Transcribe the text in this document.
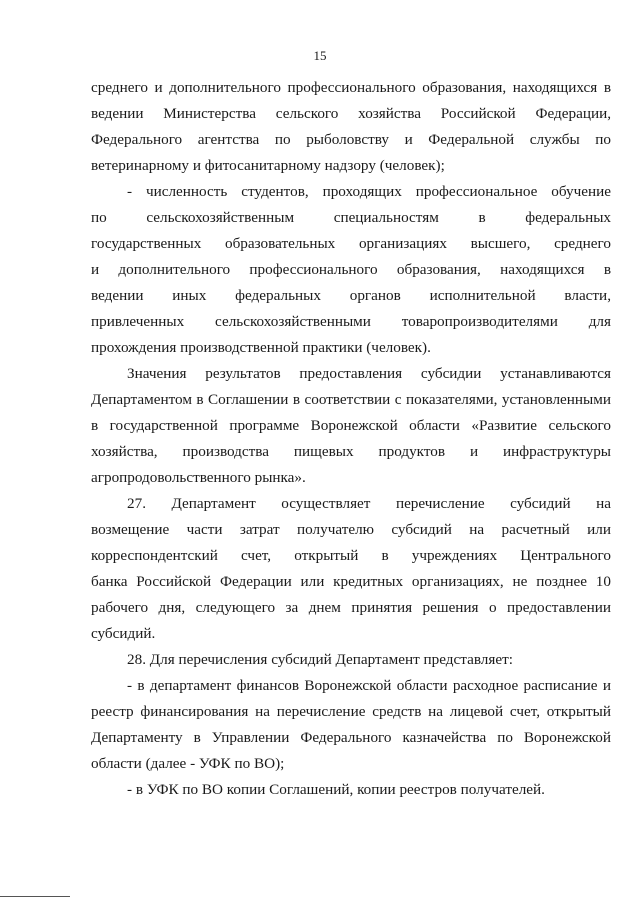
15
среднего и дополнительного профессионального образования, находящихся в
ведении Министерства сельского хозяйства Российской Федерации,
Федерального агентства по рыболовству и Федеральной службы по
ветеринарному и фитосанитарному надзору (человек);
- численность студентов, проходящих профессиональное обучение
по сельскохозяйственным специальностям в федеральных
государственных образовательных организациях высшего, среднего
и дополнительного профессионального образования, находящихся в
ведении иных федеральных органов исполнительной власти,
привлеченных сельскохозяйственными товаропроизводителями для
прохождения производственной практики (человек).
Значения результатов предоставления субсидии устанавливаются
Департаментом в Соглашении в соответствии с показателями, установленными
в государственной программе Воронежской области «Развитие сельского
хозяйства, производства пищевых продуктов и инфраструктуры
агропродовольственного рынка».
27. Департамент осуществляет перечисление субсидий на
возмещение части затрат получателю субсидий на расчетный или
корреспондентский счет, открытый в учреждениях Центрального
банка Российской Федерации или кредитных организациях, не позднее 10
рабочего дня, следующего за днем принятия решения о предоставлении
субсидий.
28. Для перечисления субсидий Департамент представляет:
- в департамент финансов Воронежской области расходное расписание и
реестр финансирования на перечисление средств на лицевой счет, открытый
Департаменту в Управлении Федерального казначейства по Воронежской
области (далее - УФК по ВО);
- в УФК по ВО копии Соглашений, копии реестров получателей.
